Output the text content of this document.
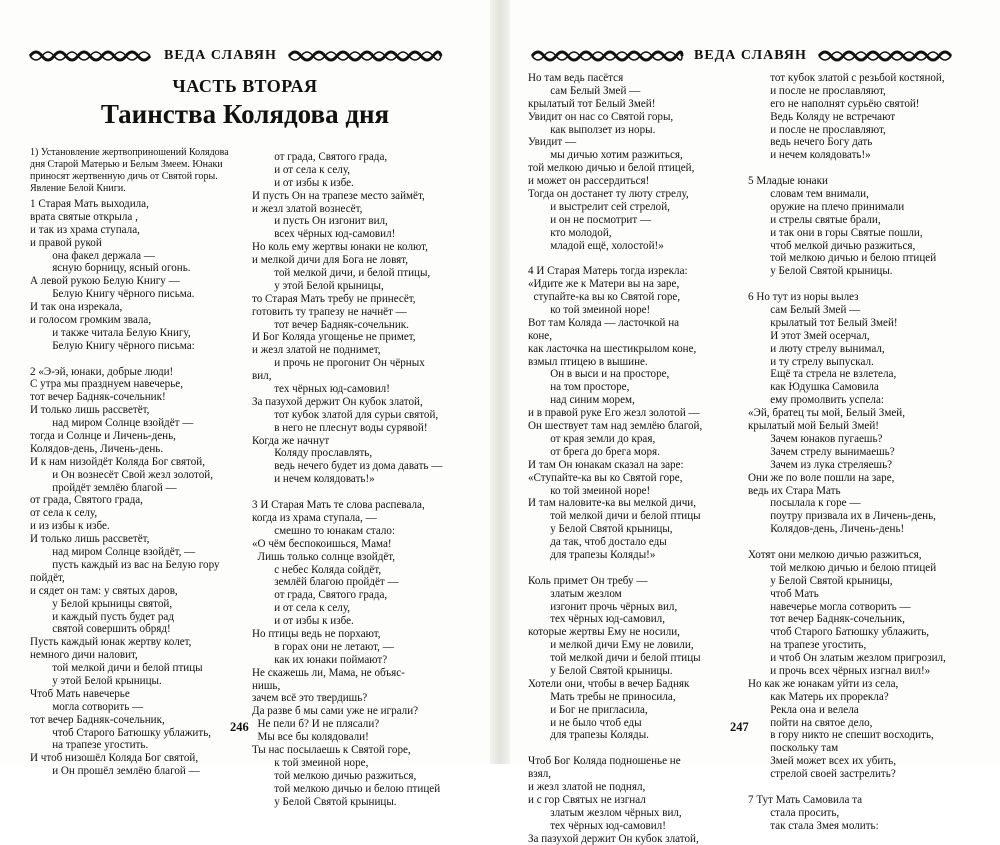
ВЕДА СЛАВЯН
ЧАСТЬ ВТОРАЯ
Таинства Колядова дня
1) Установление жертвоприношений Колядова
дня Старой Матерью и Белым Змеем. Юнаки
приносят жертвенную дичь от Святой горы.
Явление Белой Книги.
1 Старая Мать выходила,
врата святые открыла ,
и так из храма ступала,
и правой рукой
она факел держала —
ясную борницу, ясный огонь.
А левой рукою Белую Книгу —
Белую Книгу чёрного письма.
И так она изрекала,
и голосом громким звала,
и также читала Белую Книгу,
Белую Книгу чёрного письма:
2 «Э-эй, юнаки, добрые люди!
С утра мы празднуем навечерье,
тот вечер Бадняк-сочельник!
И только лишь рассветёт,
над миром Солнце взойдёт —
тогда и Солнце и Личень-день,
Колядов-день, Личень-день.
И к нам низойдёт Коляда Бог святой,
и Он вознесёт Свой жезл золотой,
пройдёт землёю благой —
от града, Святого града,
от села к селу,
и из избы к избе.
И только лишь рассветёт,
над миром Солнце взойдёт, —
пусть каждый из вас на Белую гору
пойдёт,
и сядет он там: у святых даров,
у Белой крыницы святой,
и каждый пусть будет рад
святой совершить обряд!
Пусть каждый юнак жертву колет,
немного дичи наловит,
той мелкой дичи и белой птицы
у этой Белой крыницы.
Чтоб Мать навечерье
могла сотворить —
тот вечер Бадняк-сочельник,
чтоб Старого Батюшку ублажить,
на трапезе угостить.
И чтоб низошёл Коляда Бог святой,
и Он прошёл землёю благой —
от града, Святого града,
и от села к селу,
и от избы к избе.
И пусть Он на трапезе место займёт,
и жезл златой вознесёт,
и пусть Он изгонит вил,
всех чёрных юд-самовил!
Но коль ему жертвы юнаки не колют,
и мелкой дичи для Бога не ловят,
той мелкой дичи, и белой птицы,
у этой Белой крыницы,
то Старая Мать требу не принесёт,
готовить ту трапезу не начнёт —
тот вечер Бадняк-сочельник.
И Бог Коляда угощенье не примет,
и жезл златой не поднимет,
и прочь не прогонит Он чёрных
вил,
тех чёрных юд-самовил!
За пазухой держит Он кубок златой,
тот кубок златой для сурьи святой,
в него не плеснут воды сурявой!
Когда же начнут
Коляду прославлять,
ведь нечего будет из дома давать —
и нечем колядовать!»
3 И Старая Мать те слова распевала,
когда из храма ступала, —
смешно то юнакам стало:
«О чём беспокоишься, Мама!
Лишь только солнце взойдёт,
с небес Коляда сойдёт,
землёй благою пройдёт —
от града, Святого града,
и от села к селу,
и от избы к избе.
Но птицы ведь не порхают,
в горах они не летают, —
как их юнаки поймают?
Не скажешь ли, Мама, не объяс-
нишь,
зачем всё это твердишь?
Да разве б мы сами уже не играли?
Не пели б? И не плясали?
Мы все бы колядовали!
Ты нас посылаешь к Святой горе,
к той змеиной норе,
той мелкою дичью разжиться,
той мелкою дичью и белою птицей
у Белой Святой крыницы.
246
ВЕДА СЛАВЯН
Но там ведь пасётся
сам Белый Змей —
крылатый тот Белый Змей!
Увидит он нас со Святой горы,
как выползет из норы.
Увидит —
мы дичью хотим разжиться,
той мелкою дичью и белой птицей,
и может он рассердиться!
Тогда он достанет ту люту стрелу,
и выстрелит сей стрелой,
и он не посмотрит —
кто молодой,
младой ещё, холостой!»
4 И Старая Матерь тогда изрекла:
«Идите же к Матери вы на заре,
ступайте-ка вы ко Святой горе,
ко той змеиной норе!
Вот там Коляда — ласточкой на
коне,
как ласточка на шестикрылом коне,
взмыл птицею в вышине.
Он в выси и на просторе,
на том просторе,
над синим морем,
и в правой руке Его жезл золотой —
Он шествует там над землёю благой,
от края земли до края,
от брега до брега моря.
И там Он юнакам сказал на заре:
«Ступайте-ка вы ко Святой горе,
ко той змеиной норе!
И там наловите-ка вы мелкой дичи,
той мелкой дичи и белой птицы
у Белой Святой крыницы,
да так, чтоб достало еды
для трапезы Коляды!»
Коль примет Он требу —
златым жезлом
изгонит прочь чёрных вил,
тех чёрных юд-самовил,
которые жертвы Ему не носили,
и мелкой дичи Ему не ловили,
той мелкой дичи и белой птицы
у Белой Святой крыницы.
Хотели они, чтобы в вечер Бадняк
Мать требы не приносила,
и Бог не пригласила,
и не было чтоб еды
для трапезы Коляды.
Чтоб Бог Коляда подношенье не
взял,
и жезл златой не поднял,
и с гор Святых не изгнал
златым жезлом чёрных вил,
тех чёрных юд-самовил!
За пазухой держит Он кубок златой,
тот кубок златой с резьбой костяной,
и после не прославляют,
его не наполнят сурьёю святой!
Ведь Коляду не встречают
и после не прославляют,
ведь нечего Богу дать
и нечем колядовать!»
5 Младые юнаки
словам тем внимали,
оружие на плечо принимали
и стрелы святые брали,
и так они в горы Святые пошли,
чтоб мелкой дичью разжиться,
той мелкою дичью и белою птицей
у Белой Святой крыницы.
6 Но тут из норы вылез
сам Белый Змей —
крылатый тот Белый Змей!
И этот Змей осерчал,
и люту стрелу вынимал,
и ту стрелу выпускал.
Ещё та стрела не взлетела,
как Юдушка Самовила
ему промолвить успела:
«Эй, братец ты мой, Белый Змей,
крылатый мой Белый Змей!
Зачем юнаков пугаешь?
Зачем стрелу вынимаешь?
Зачем из лука стреляешь?
Они же по воле пошли на заре,
ведь их Стара Мать
посылала к горе —
поутру призвала их в Личень-день,
Колядов-день, Личень-день!
Хотят они мелкою дичью разжиться,
той мелкою дичью и белою птицей
у Белой Святой крыницы,
чтоб Мать
навечерье могла сотворить —
тот вечер Бадняк-сочельник,
чтоб Старого Батюшку ублажить,
на трапезе угостить,
и чтоб Он златым жезлом пригрозил,
и прочь всех чёрных изгнал вил!»
Но как же юнакам уйти из села,
как Матерь их прорекла?
Рекла она и велела
пойти на святое дело,
в гору никто не спешит восходить,
поскольку там
Змей может всех их убить,
стрелой своей застрелить?
7 Тут Мать Самовила та
стала просить,
так стала Змея молить:
247
